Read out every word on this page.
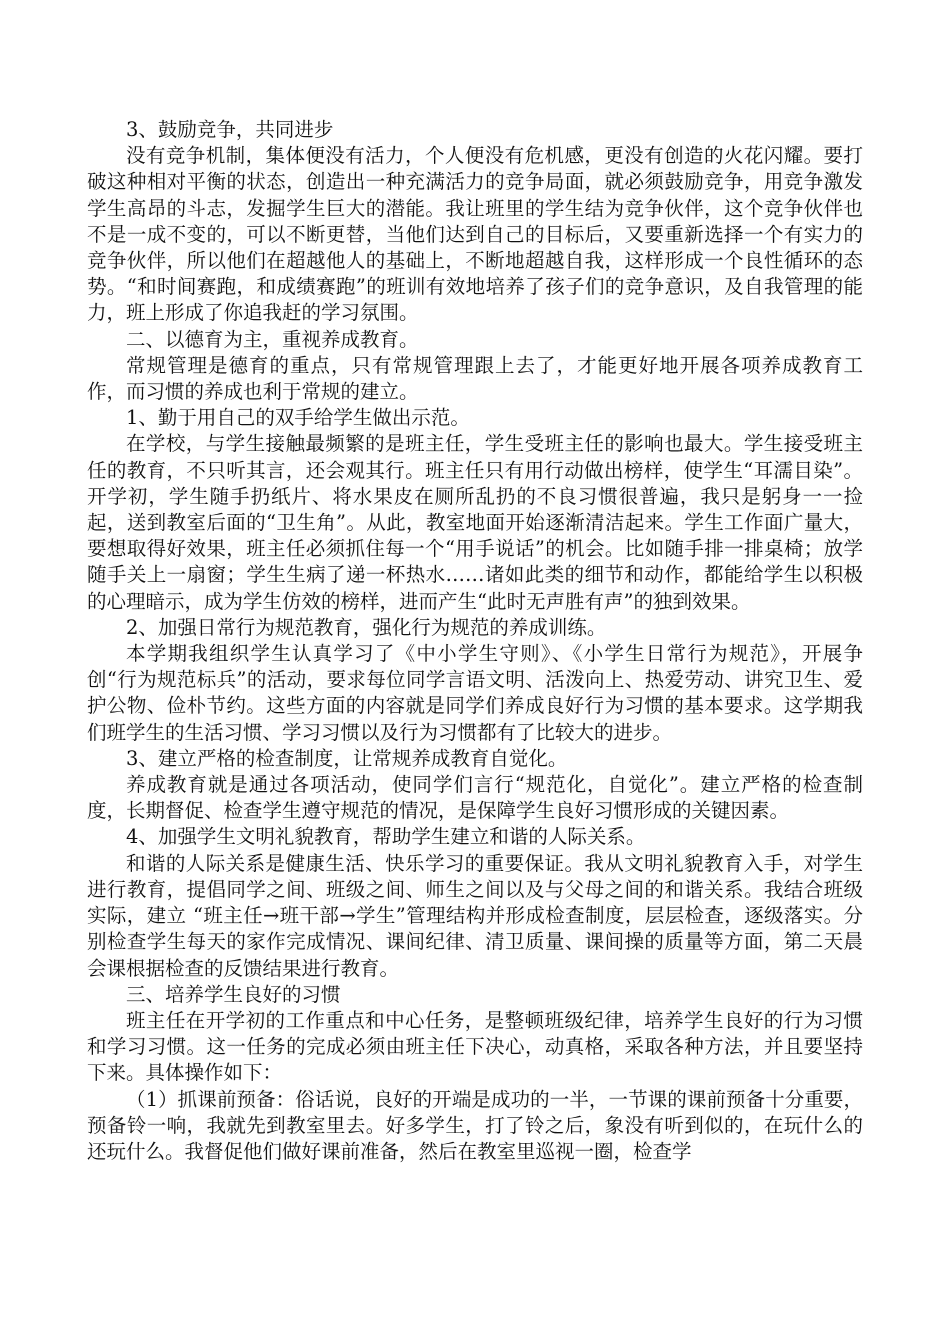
3、鼓励竞争，共同进步

没有竞争机制，集体便没有活力，个人便没有危机感，更没有创造的火花闪耀。要打破这种相对平衡的状态，创造出一种充满活力的竞争局面，就必须鼓励竞争，用竞争激发学生高昂的斗志，发掘学生巨大的潜能。我让班里的学生结为竞争伙伴，这个竞争伙伴也不是一成不变的，可以不断更替，当他们达到自己的目标后，又要重新选择一个有实力的竞争伙伴，所以他们在超越他人的基础上，不断地超越自我，这样形成一个良性循环的态势。“和时间赛跑，和成绩赛跑”的班训有效地培养了孩子们的竞争意识，及自我管理的能力，班上形成了你追我赶的学习氛围。

二、以德育为主，重视养成教育。

常规管理是德育的重点，只有常规管理跟上去了，才能更好地开展各项养成教育工作，而习惯的养成也利于常规的建立。

1、勤于用自己的双手给学生做出示范。

在学校，与学生接触最频繁的是班主任，学生受班主任的影响也最大。学生接受班主任的教育，不只听其言，还会观其行。班主任只有用行动做出榜样，使学生“耳濡目染”。开学初，学生随手扔纸片、将水果皮在厕所乱扔的不良习惯很普遍，我只是躬身一一捡起，送到教室后面的“卫生角”。从此，教室地面开始逐渐清洁起来。学生工作面广量大，要想取得好效果，班主任必须抓住每一个“用手说话”的机会。比如随手排一排桌椅；放学随手关上一扇窗；学生生病了递一杯热水……诸如此类的细节和动作，都能给学生以积极的心理暗示，成为学生仿效的榜样，进而产生“此时无声胜有声”的独到效果。

2、加强日常行为规范教育，强化行为规范的养成训练。

本学期我组织学生认真学习了《中小学生守则》、《小学生日常行为规范》，开展争创“行为规范标兵”的活动，要求每位同学言语文明、活泼向上、热爱劳动、讲究卫生、爱护公物、俭朴节约。这些方面的内容就是同学们养成良好行为习惯的基本要求。这学期我们班学生的生活习惯、学习习惯以及行为习惯都有了比较大的进步。

3、建立严格的检查制度，让常规养成教育自觉化。

养成教育就是通过各项活动，使同学们言行“规范化，自觉化”。建立严格的检查制度，长期督促、检查学生遵守规范的情况，是保障学生良好习惯形成的关键因素。

4、加强学生文明礼貌教育，帮助学生建立和谐的人际关系。

和谐的人际关系是健康生活、快乐学习的重要保证。我从文明礼貌教育入手，对学生进行教育，提倡同学之间、班级之间、师生之间以及与父母之间的和谐关系。我结合班级实际，建立 “班主任→班干部→学生”管理结构并形成检查制度，层层检查，逐级落实。分别检查学生每天的家作完成情况、课间纪律、清卫质量、课间操的质量等方面，第二天晨会课根据检查的反馈结果进行教育。

三、培养学生良好的习惯

班主任在开学初的工作重点和中心任务，是整顿班级纪律，培养学生良好的行为习惯和学习习惯。这一任务的完成必须由班主任下决心，动真格，采取各种方法，并且要坚持下来。具体操作如下：

（1）抓课前预备：俗话说，良好的开端是成功的一半，一节课的课前预备十分重要，预备铃一响，我就先到教室里去。好多学生，打了铃之后，象没有听到似的，在玩什么的还玩什么。我督促他们做好课前准备，然后在教室里巡视一圈，检查学
